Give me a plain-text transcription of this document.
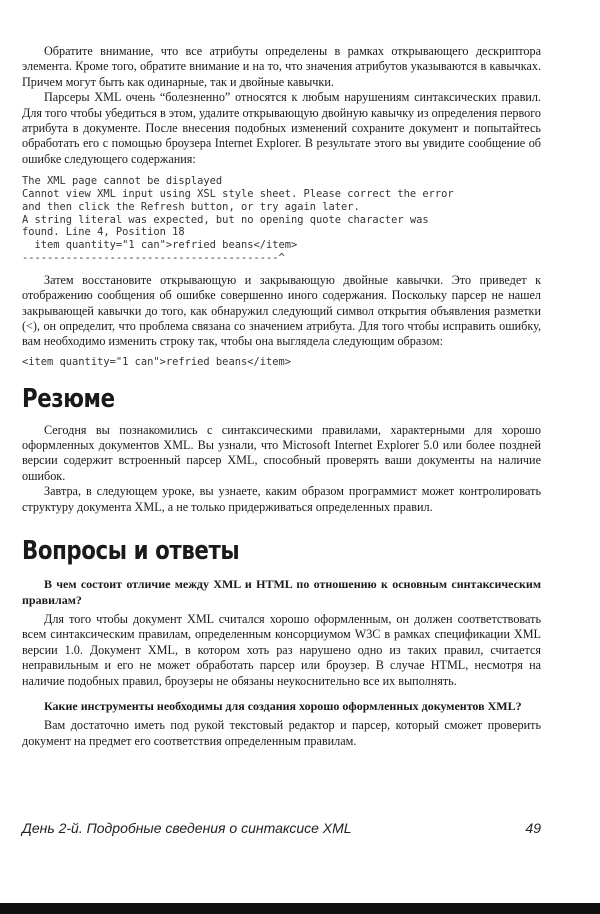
Обратите внимание, что все атрибуты определены в рамках открывающего дескриптора элемента. Кроме того, обратите внимание и на то, что значения атрибутов указываются в кавычках. Причем могут быть как одинарные, так и двойные кавычки.

Парсеры XML очень “болезненно” относятся к любым нарушениям синтаксических правил. Для того чтобы убедиться в этом, удалите открывающую двойную кавычку из определения первого атрибута в документе. После внесения подобных изменений сохраните документ и попытайтесь обработать его с помощью броузера Internet Explorer. В результате этого вы увидите сообщение об ошибке следующего содержания:

The XML page cannot be displayed
Cannot view XML input using XSL style sheet. Please correct the error
and then click the Refresh button, or try again later.
A string literal was expected, but no opening quote character was
found. Line 4, Position 18
item quantity="1 can">refried beans</item>
-----------------------------------------^

Затем восстановите открывающую и закрывающую двойные кавычки. Это приведет к отображению сообщения об ошибке совершенно иного содержания. Поскольку парсер не нашел закрывающей кавычки до того, как обнаружил следующий символ открытия объявления разметки (<), он определит, что проблема связана со значением атрибута. Для того чтобы исправить ошибку, вам необходимо изменить строку так, чтобы она выглядела следующим образом:

<item quantity="1 can">refried beans</item>
Резюме

Сегодня вы познакомились с синтаксическими правилами, характерными для хорошо оформленных документов XML. Вы узнали, что Microsoft Internet Explorer 5.0 или более поздней версии содержит встроенный парсер XML, способный проверять ваши документы на наличие ошибок.

Завтра, в следующем уроке, вы узнаете, каким образом программист может контролировать структуру документа XML, а не только придерживаться определенных правил.

Вопросы и ответы
В чем состоит отличие между XML и HTML по отношению к основным синтаксическим правилам?

Для того чтобы документ XML считался хорошо оформленным, он должен соответствовать всем синтаксическим правилам, определенным консорциумом W3C в рамках спецификации XML версии 1.0. Документ XML, в котором хоть раз нарушено одно из таких правил, считается неправильным и его не может обработать парсер или броузер. В случае HTML, несмотря на наличие подобных правил, броузеры не обязаны неукоснительно все их выполнять.

Какие инструменты необходимы для создания хорошо оформленных документов XML?

Вам достаточно иметь под рукой текстовый редактор и парсер, который сможет проверить документ на предмет его соответствия определенным правилам.

День 2-й. Подробные сведения о синтаксисе XML	49
